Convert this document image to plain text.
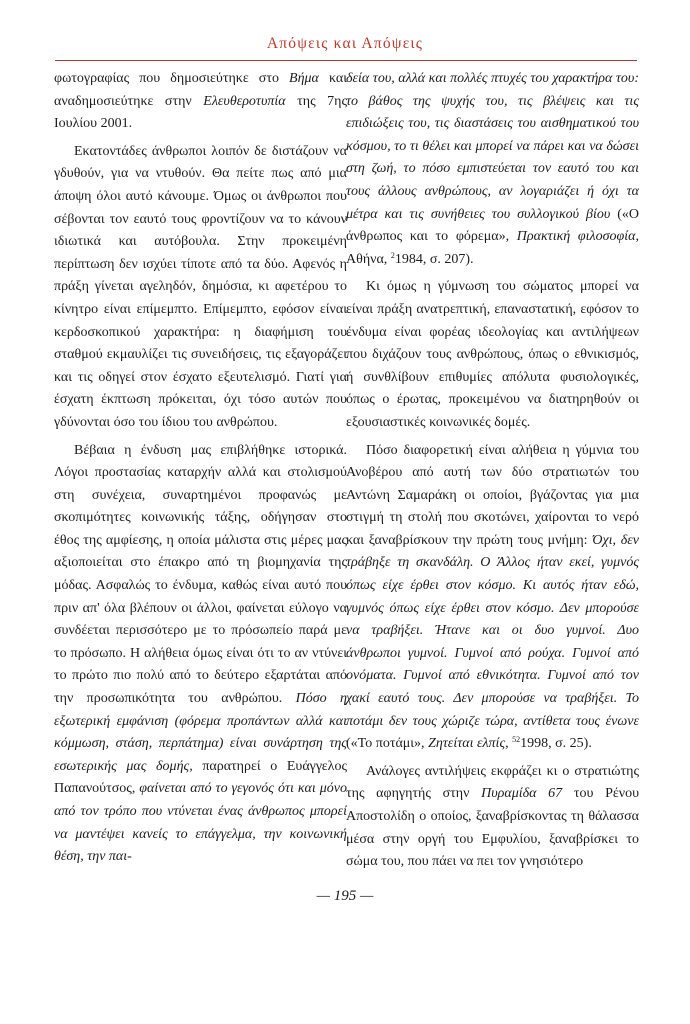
Απόψεις και Απόψεις

φωτογραφίας που δημοσιεύτηκε στο Βήμα και αναδημοσιεύτηκε στην Ελευθεροτυπία της 7ης Ιουλίου 2001.

Εκατοντάδες άνθρωποι λοιπόν δε διστάζουν να γδυθούν, για να ντυθούν. Θα πείτε πως από μια άποψη όλοι αυτό κάνουμε. Όμως οι άνθρωποι που σέβονται τον εαυτό τους φροντίζουν να το κάνουν ιδιωτικά και αυτόβουλα. Στην προκειμένη περίπτωση δεν ισχύει τίποτε από τα δύο. Αφενός η πράξη γίνεται αγεληδόν, δημόσια, κι αφετέρου το κίνητρο είναι επίμεμπτο. Επίμεμπτο, εφόσον είναι κερδοσκοπικού χαρακτήρα: η διαφήμιση του σταθμού εκμαυλίζει τις συνειδήσεις, τις εξαγοράζει και τις οδηγεί στον έσχατο εξευτελισμό. Γιατί για έσχατη έκπτωση πρόκειται, όχι τόσο αυτών που γδύνονται όσο του ίδιου του ανθρώπου.

Βέβαια η ένδυση μας επιβλήθηκε ιστορικά. Λόγοι προστασίας καταρχήν αλλά και στολισμού στη συνέχεια, συναρτημένοι προφανώς με σκοπιμότητες κοινωνικής τάξης, οδήγησαν στο έθος της αμφίεσης, η οποία μάλιστα στις μέρες μας αξιοποιείται στο έπακρο από τη βιομηχανία της μόδας. Ασφαλώς το ένδυμα, καθώς είναι αυτό που πριν απ' όλα βλέπουν οι άλλοι, φαίνεται εύλογο να συνδέεται περισσότερο με το πρόσωπείο παρά με το πρόσωπο. Η αλήθεια όμως είναι ότι το αν ντύνει το πρώτο πιο πολύ από το δεύτερο εξαρτάται από την προσωπικότητα του ανθρώπου. Πόσο η εξωτερική εμφάνιση (φόρεμα προπάντων αλλά και κόμμωση, στάση, περπάτημα) είναι συνάρτηση της εσωτερικής μας δομής, παρατηρεί ο Ευάγγελος Παπανούτσος, φαίνεται από το γεγονός ότι και μόνο από τον τρόπο που ντύνεται ένας άνθρωπος μπορεί να μαντέψει κανείς το επάγγελμα, την κοινωνική θέση, την παι-

δεία του, αλλά και πολλές πτυχές του χαρακτήρα του: το βάθος της ψυχής του, τις βλέψεις και τις επιδιώξεις του, τις διαστάσεις του αισθηματικού του κόσμου, το τι θέλει και μπορεί να πάρει και να δώσει στη ζωή, το πόσο εμπιστεύεται τον εαυτό του και τους άλλους ανθρώπους, αν λογαριάζει ή όχι τα μέτρα και τις συνήθειες του συλλογικού βίου («Ο άνθρωπος και το φόρεμα», Πρακτική φιλοσοφία, Αθήνα, $^2$1984, σ. 207).

Κι όμως η γύμνωση του σώματος μπορεί να είναι πράξη ανατρεπτική, επαναστατική, εφόσον το ένδυμα είναι φορέας ιδεολογίας και αντιλήψεων που διχάζουν τους ανθρώπους, όπως ο εθνικισμός, ή συνθλίβουν επιθυμίες απόλυτα φυσιολογικές, όπως ο έρωτας, προκειμένου να διατηρηθούν οι εξουσιαστικές κοινωνικές δομές.

Πόσο διαφορετική είναι αλήθεια η γύμνια του Ανοβέρου από αυτή των δύο στρατιωτών του Αντώνη Σαμαράκη οι οποίοι, βγάζοντας για μια στιγμή τη στολή που σκοτώνει, χαίρονται το νερό και ξαναβρίσκουν την πρώτη τους μνήμη: Όχι, δεν τράβηξε τη σκανδάλη. Ο Άλλος ήταν εκεί, γυμνός όπως είχε έρθει στον κόσμο. Κι αυτός ήταν εδώ, γυμνός όπως είχε έρθει στον κόσμο. Δεν μπορούσε να τραβήξει. Ήτανε και οι δυο γυμνοί. Δυο άνθρωποι γυμνοί. Γυμνοί από ρούχα. Γυμνοί από ονόματα. Γυμνοί από εθνικότητα. Γυμνοί από τον χακί εαυτό τους. Δεν μπορούσε να τραβήξει. Το ποτάμι δεν τους χώριζε τώρα, αντίθετα τους ένωνε («Το ποτάμι», Ζητείται ελπίς, $^{52}$1998, σ. 25).

Ανάλογες αντιλήψεις εκφράζει κι ο στρατιώτης της αφηγητής στην Πυραμίδα 67 του Ρένου Αποστολίδη ο οποίος, ξαναβρίσκοντας τη θάλασσα μέσα στην οργή του Εμφυλίου, ξαναβρίσκει το σώμα του, που πάει να πει τον γνησιότερο

— 195 —
